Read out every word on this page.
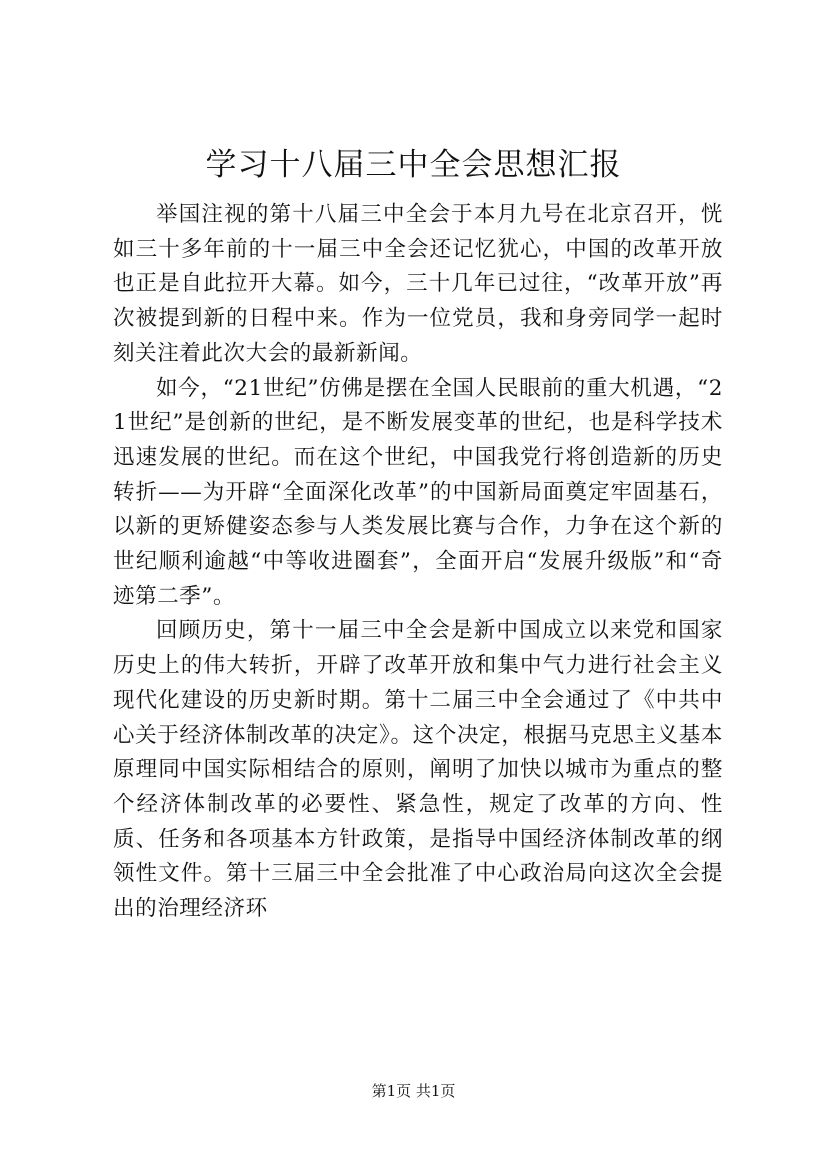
学习十八届三中全会思想汇报

举国注视的第十八届三中全会于本月九号在北京召开，恍如三十多年前的十一届三中全会还记忆犹心，中国的改革开放也正是自此拉开大幕。如今，三十几年已过往，“改革开放”再次被提到新的日程中来。作为一位党员，我和身旁同学一起时刻关注着此次大会的最新新闻。

如今，“21世纪”仿佛是摆在全国人民眼前的重大机遇，“21世纪”是创新的世纪，是不断发展变革的世纪，也是科学技术迅速发展的世纪。而在这个世纪，中国我党行将创造新的历史转折——为开辟“全面深化改革”的中国新局面奠定牢固基石，以新的更矫健姿态参与人类发展比赛与合作，力争在这个新的世纪顺利逾越“中等收进圈套”，全面开启“发展升级版”和“奇迹第二季”。

回顾历史，第十一届三中全会是新中国成立以来党和国家历史上的伟大转折，开辟了改革开放和集中气力进行社会主义现代化建设的历史新时期。第十二届三中全会通过了《中共中心关于经济体制改革的决定》。这个决定，根据马克思主义基本原理同中国实际相结合的原则，阐明了加快以城市为重点的整个经济体制改革的必要性、紧急性，规定了改革的方向、性质、任务和各项基本方针政策，是指导中国经济体制改革的纲领性文件。第十三届三中全会批准了中心政治局向这次全会提出的治理经济环

第1页 共1页
